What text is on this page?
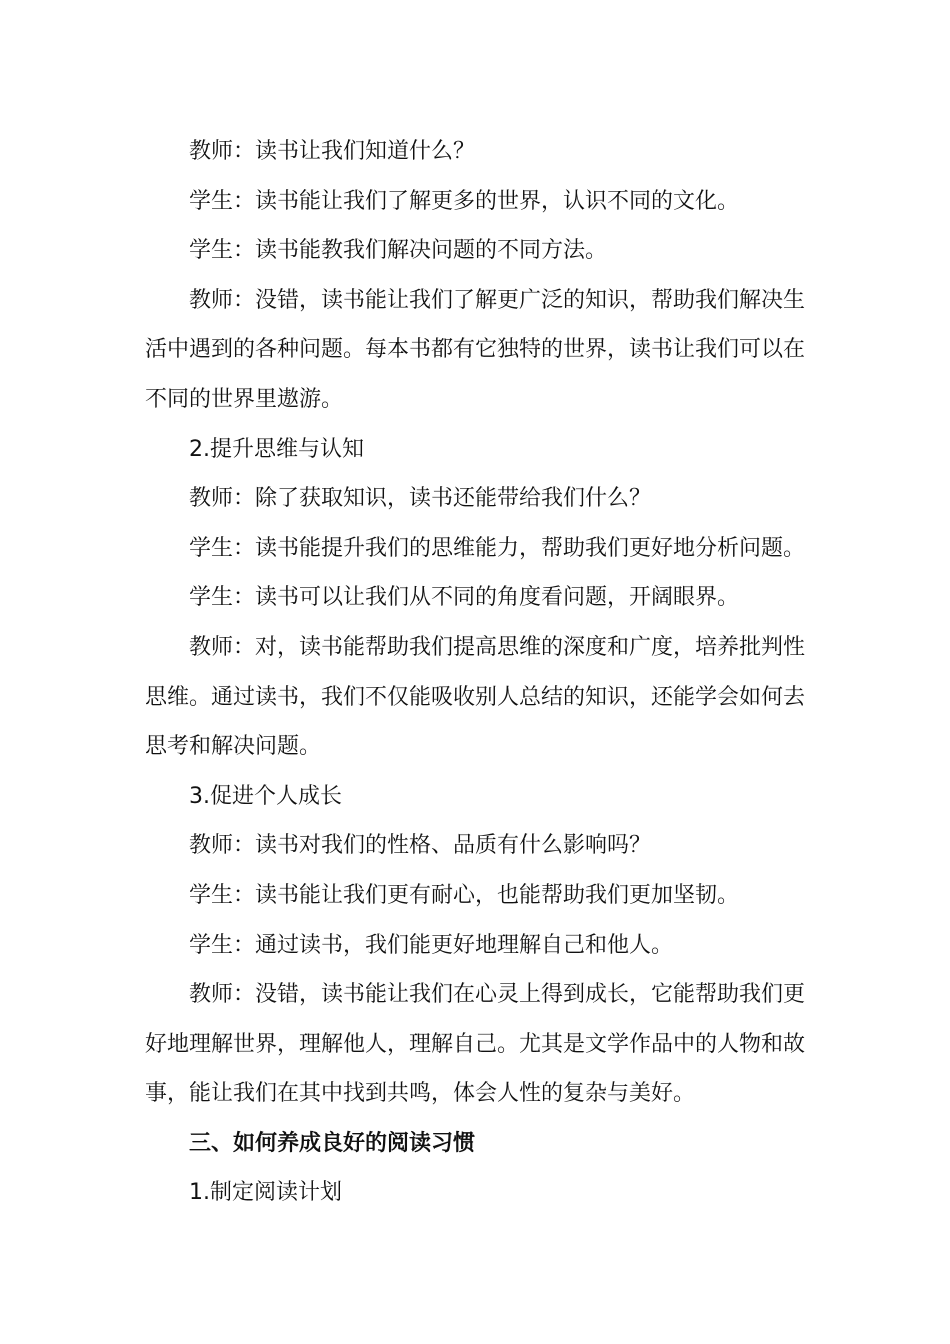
教师：读书让我们知道什么？

学生：读书能让我们了解更多的世界，认识不同的文化。

学生：读书能教我们解决问题的不同方法。

教师：没错，读书能让我们了解更广泛的知识，帮助我们解决生活中遇到的各种问题。每本书都有它独特的世界，读书让我们可以在不同的世界里遨游。

2.提升思维与认知

教师：除了获取知识，读书还能带给我们什么？

学生：读书能提升我们的思维能力，帮助我们更好地分析问题。

学生：读书可以让我们从不同的角度看问题，开阔眼界。

教师：对，读书能帮助我们提高思维的深度和广度，培养批判性思维。通过读书，我们不仅能吸收别人总结的知识，还能学会如何去思考和解决问题。

3.促进个人成长

教师：读书对我们的性格、品质有什么影响吗？

学生：读书能让我们更有耐心，也能帮助我们更加坚韧。

学生：通过读书，我们能更好地理解自己和他人。

教师：没错，读书能让我们在心灵上得到成长，它能帮助我们更好地理解世界，理解他人，理解自己。尤其是文学作品中的人物和故事，能让我们在其中找到共鸣，体会人性的复杂与美好。

三、如何养成良好的阅读习惯

1.制定阅读计划
